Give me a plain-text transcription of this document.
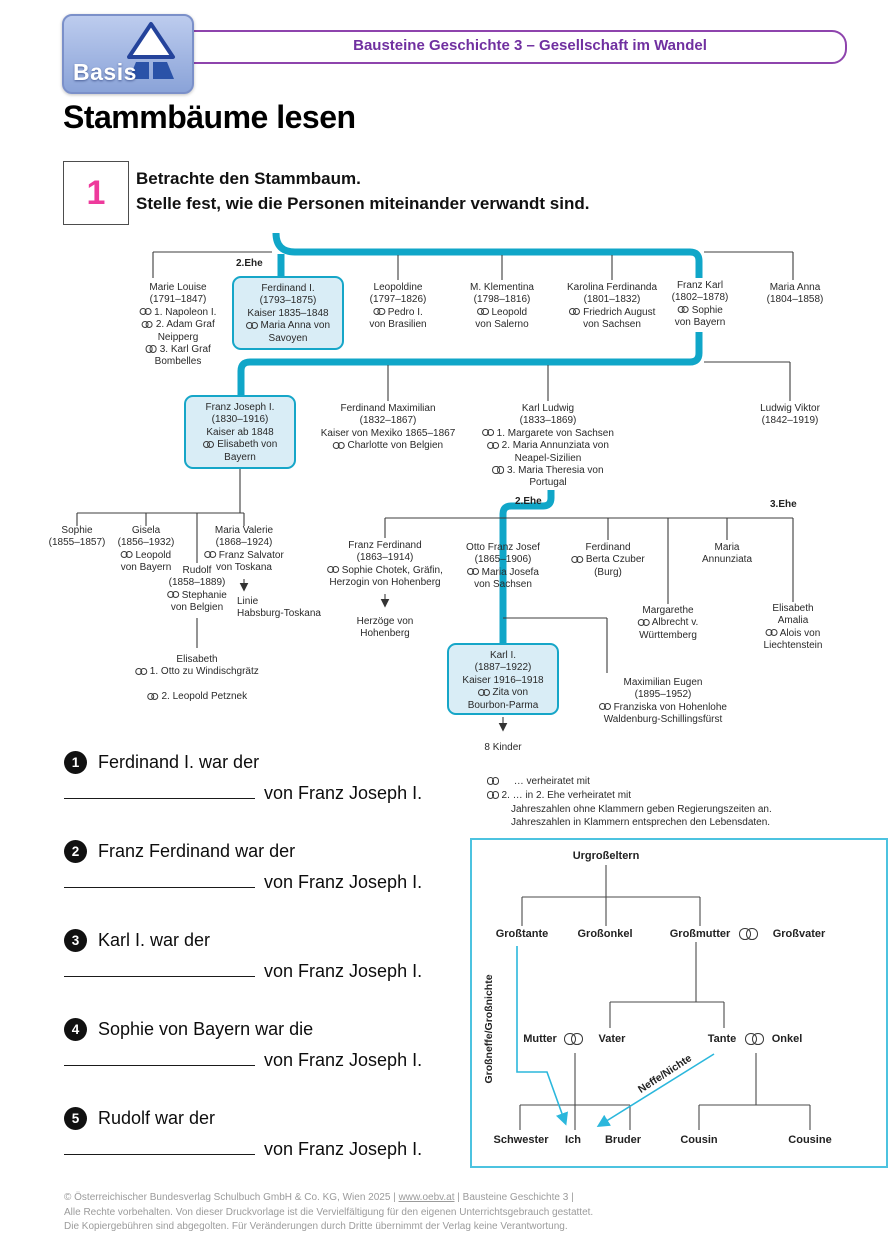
Bausteine Geschichte 3 – Gesellschaft im Wandel
Basis
Stammbäume lesen
1 Betrachte den Stammbaum.
Stelle fest, wie die Personen miteinander verwandt sind.
2.Ehe
2.Ehe	3.Ehe
Marie Louise
(1791–1847)
1. Napoleon I.
2. Adam Graf
Neipperg
3. Karl Graf
Bombelles
Ferdinand I.
(1793–1875)
Kaiser 1835–1848
Maria Anna von
Savoyen
Leopoldine
(1797–1826)
Pedro I.
von Brasilien
M. Klementina
(1798–1816)
Leopold
von Salerno
Karolina Ferdinanda
(1801–1832)
Friedrich August
von Sachsen
Franz Karl
(1802–1878)
Sophie
von Bayern
Maria Anna
(1804–1858)
Franz Joseph I.
(1830–1916)
Kaiser ab 1848
Elisabeth von
Bayern
Ferdinand Maximilian
(1832–1867)
Kaiser von Mexiko 1865–1867
Charlotte von Belgien
Karl Ludwig
(1833–1869)
1. Margarete von Sachsen
2. Maria Annunziata von
Neapel-Sizilien
3. Maria Theresia von
Portugal
Ludwig Viktor
(1842–1919)
Sophie
(1855–1857)
Gisela
(1856–1932)
Leopold
von Bayern
Maria Valerie
(1868–1924)
Franz Salvator
von Toskana
Rudolf
(1858–1889)
Stephanie
von Belgien
Linie
Habsburg-Toskana
Elisabeth
1. Otto zu Windischgrätz

2. Leopold Petznek
Franz Ferdinand
(1863–1914)
Sophie Chotek, Gräfin,
Herzogin von Hohenberg
Herzöge von
Hohenberg
Otto Franz Josef
(1865–1906)
Maria Josefa
von Sachsen
Ferdinand
Berta Czuber
(Burg)
Maria
Annunziata
Margarethe
Albrecht v.
Württemberg
Elisabeth
Amalia
Alois von
Liechtenstein
Karl I.
(1887–1922)
Kaiser 1916–1918
Zita von
Bourbon-Parma
Maximilian Eugen
(1895–1952)
Franziska von Hohenlohe
Waldenburg-Schillingsfürst
8 Kinder
  … verheiratet mit
2. … in 2. Ehe verheiratet mit
Jahreszahlen ohne Klammern geben Regierungszeiten an.
Jahreszahlen in Klammern entsprechen den Lebensdaten.
1	Ferdinand I. war der
von Franz Joseph I.
2	Franz Ferdinand war der
von Franz Joseph I.
3	Karl I. war der
von Franz Joseph I.
4	Sophie von Bayern war die
von Franz Joseph I.
5	Rudolf war der
von Franz Joseph I.
Urgroßeltern
Großtante	Großonkel	Großmutter	Großvater
Mutter	Vater	Tante	Onkel
Schwester Ich Bruder	Cousin	Cousine
Großneffe/Großnichte	Neffe/Nichte
© Österreichischer Bundesverlag Schulbuch GmbH & Co. KG, Wien 2025 | www.oebv.at | Bausteine Geschichte 3 |
Alle Rechte vorbehalten. Von dieser Druckvorlage ist die Vervielfältigung für den eigenen Unterrichtsgebrauch gestattet.
Die Kopiergebühren sind abgegolten. Für Veränderungen durch Dritte übernimmt der Verlag keine Verantwortung.
